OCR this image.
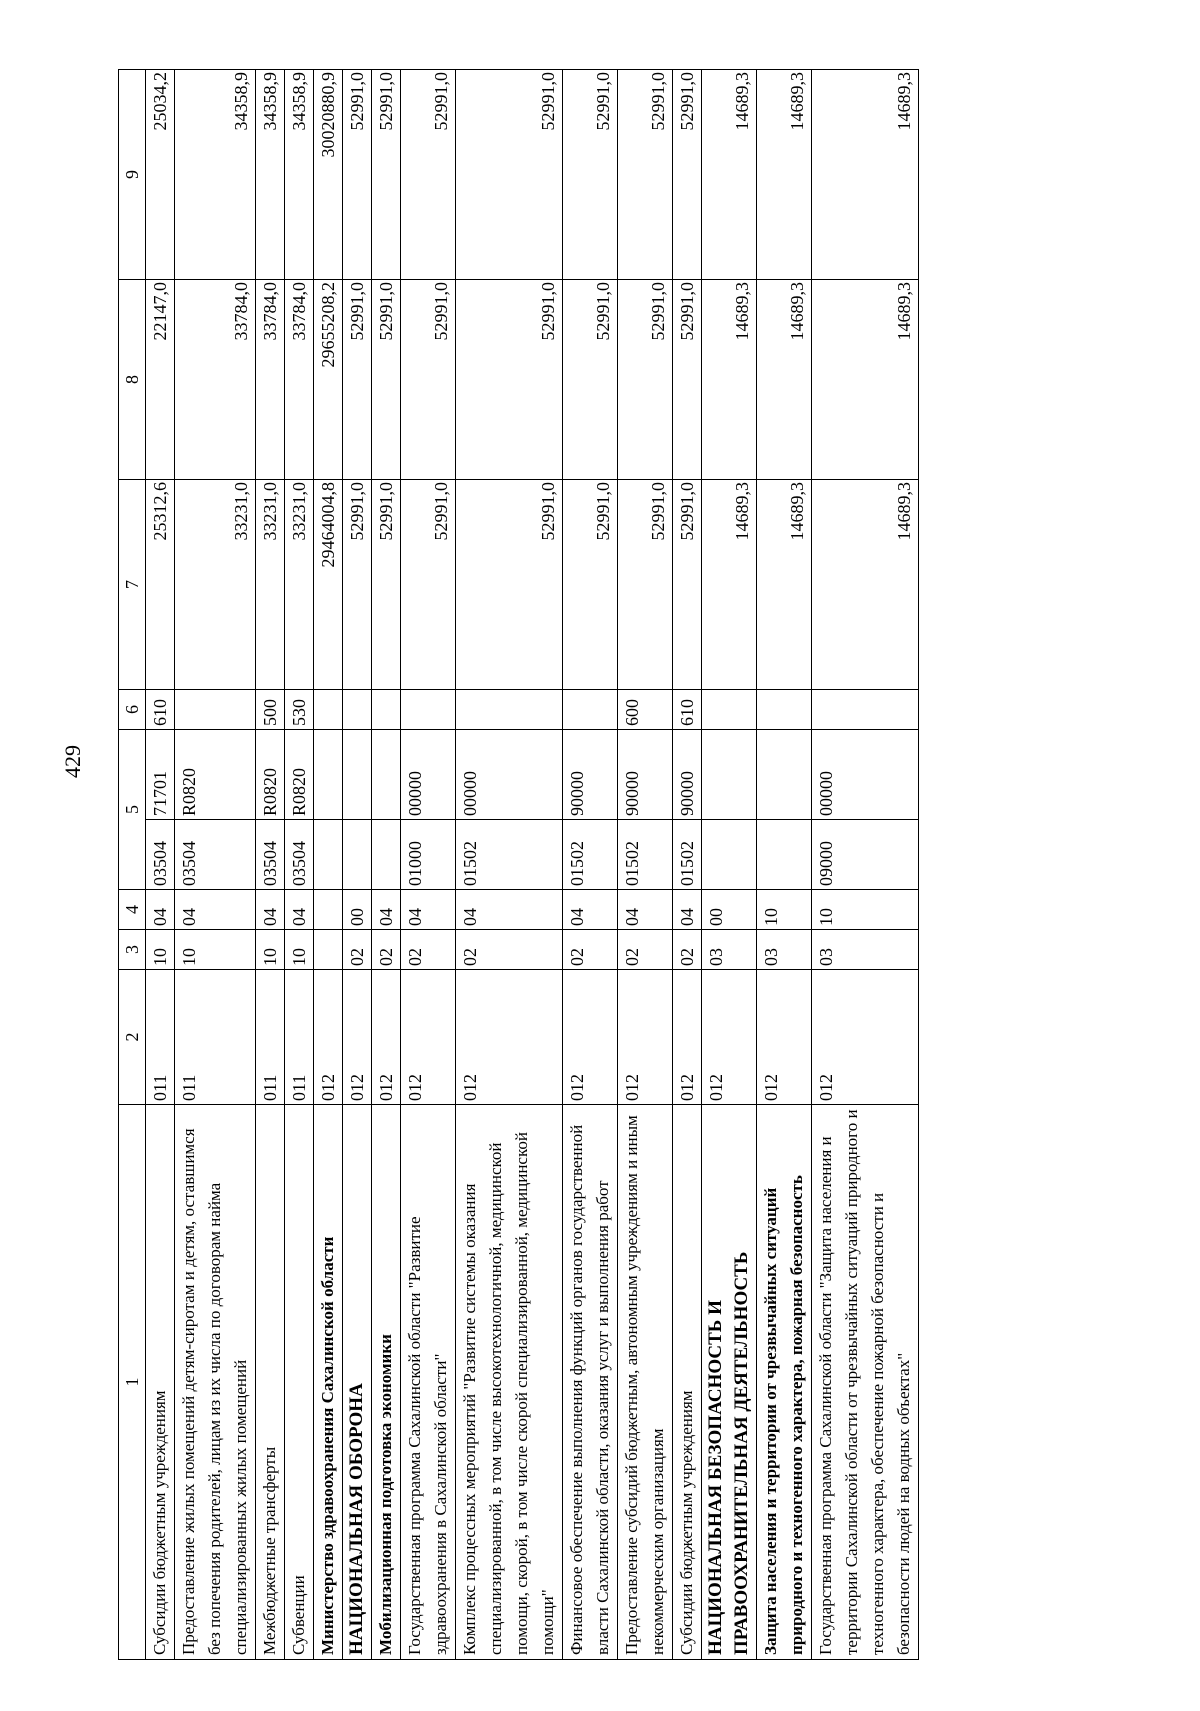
429
1	2	3	4	5		6	7	8	9
Субсидии бюджетным учреждениям	011	10	04	03504	71701	610	25312,6	22147,0	25034,2
Предоставление жилых помещений детям-сиротам и детям, оставшимся без попечения родителей, лицам из их числа по договорам найма специализированных жилых помещений	011	10	04	03504	R0820		33231,0	33784,0	34358,9
Межбюджетные трансферты	011	10	04	03504	R0820	500	33231,0	33784,0	34358,9
Субвенции	011	10	04	03504	R0820	530	33231,0	33784,0	34358,9
Министерство здравоохранения Сахалинской области	012						29464004,8	29655208,2	30020880,9
НАЦИОНАЛЬНАЯ ОБОРОНА	012	02	00				52991,0	52991,0	52991,0
Мобилизационная подготовка экономики	012	02	04				52991,0	52991,0	52991,0
Государственная программа Сахалинской области "Развитие здравоохранения в Сахалинской области"	012	02	04	01000	00000		52991,0	52991,0	52991,0
Комплекс процессных мероприятий "Развитие системы оказания специализированной, в том числе высокотехнологичной, медицинской помощи, скорой, в том числе скорой специализированной, медицинской помощи"	012	02	04	01502	00000		52991,0	52991,0	52991,0
Финансовое обеспечение выполнения функций органов государственной власти Сахалинской области, оказания услуг и выполнения работ	012	02	04	01502	90000		52991,0	52991,0	52991,0
Предоставление субсидий бюджетным, автономным учреждениям и иным некоммерческим организациям	012	02	04	01502	90000	600	52991,0	52991,0	52991,0
Субсидии бюджетным учреждениям	012	02	04	01502	90000	610	52991,0	52991,0	52991,0
НАЦИОНАЛЬНАЯ БЕЗОПАСНОСТЬ И ПРАВООХРАНИТЕЛЬНАЯ ДЕЯТЕЛЬНОСТЬ	012	03	00				14689,3	14689,3	14689,3
Защита населения и территории от чрезвычайных ситуаций природного и техногенного характера, пожарная безопасность	012	03	10				14689,3	14689,3	14689,3
Государственная программа Сахалинской области "Защита населения и территории Сахалинской области от чрезвычайных ситуаций природного и техногенного характера, обеспечение пожарной безопасности и безопасности людей на водных объектах"	012	03	10	09000	00000		14689,3	14689,3	14689,3
